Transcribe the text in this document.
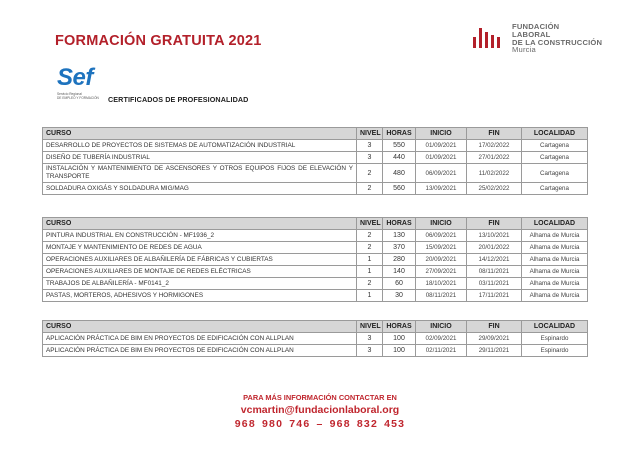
FORMACIÓN GRATUITA 2021
FUNDACIÓN
LABORAL
DE LA CONSTRUCCIÓN
Murcia
Sef
Servicio Regional
DE EMPLEO Y FORMACIÓN	CERTIFICADOS DE PROFESIONALIDAD
CURSO	NIVEL	HORAS	INICIO	FIN	LOCALIDAD
DESARROLLO DE PROYECTOS DE SISTEMAS DE AUTOMATIZACIÓN INDUSTRIAL	3	550	01/09/2021	17/02/2022	Cartagena
DISEÑO DE TUBERÍA INDUSTRIAL	3	440	01/09/2021	27/01/2022	Cartagena
INSTALACIÓN Y MANTENIMIENTO DE ASCENSORES Y OTROS EQUIPOS FIJOS DE ELEVACIÓN Y TRANSPORTE	2	480	06/09/2021	11/02/2022	Cartagena
SOLDADURA OXIGÁS Y SOLDADURA MIG/MAG	2	560	13/09/2021	25/02/2022	Cartagena
CURSO	NIVEL	HORAS	INICIO	FIN	LOCALIDAD
PINTURA INDUSTRIAL EN CONSTRUCCIÓN - MF1936_2	2	130	06/09/2021	13/10/2021	Alhama de Murcia
MONTAJE Y MANTENIMIENTO DE REDES DE AGUA	2	370	15/09/2021	20/01/2022	Alhama de Murcia
OPERACIONES AUXILIARES DE ALBAÑILERÍA DE FÁBRICAS Y CUBIERTAS	1	280	20/09/2021	14/12/2021	Alhama de Murcia
OPERACIONES AUXILIARES DE MONTAJE DE REDES ELÉCTRICAS	1	140	27/09/2021	08/11/2021	Alhama de Murcia
TRABAJOS DE ALBAÑILERÍA - MF0141_2	2	60	18/10/2021	03/11/2021	Alhama de Murcia
PASTAS, MORTEROS, ADHESIVOS Y HORMIGONES	1	30	08/11/2021	17/11/2021	Alhama de Murcia
CURSO	NIVEL	HORAS	INICIO	FIN	LOCALIDAD
APLICACIÓN PRÁCTICA DE BIM EN PROYECTOS DE EDIFICACIÓN CON ALLPLAN	3	100	02/09/2021	29/09/2021	Espinardo
APLICACIÓN PRÁCTICA DE BIM EN PROYECTOS DE EDIFICACIÓN CON ALLPLAN	3	100	02/11/2021	29/11/2021	Espinardo
PARA MÁS INFORMACIÓN CONTACTAR EN
vcmartin@fundacionlaboral.org
968 980 746 – 968 832 453
